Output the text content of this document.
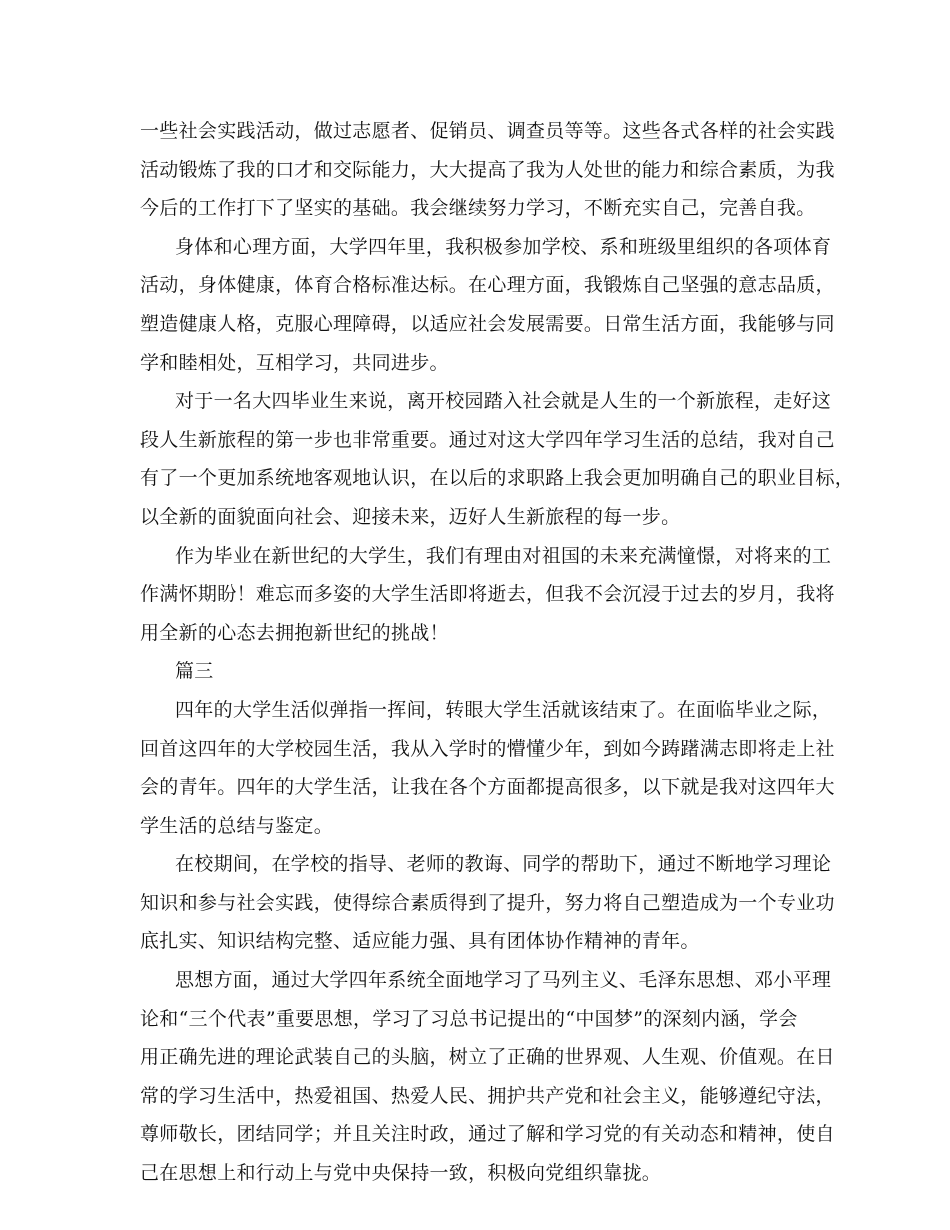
一些社会实践活动，做过志愿者、促销员、调查员等等。这些各式各样的社会实践
活动锻炼了我的口才和交际能力，大大提高了我为人处世的能力和综合素质，为我
今后的工作打下了坚实的基础。我会继续努力学习，不断充实自己，完善自我。
身体和心理方面，大学四年里，我积极参加学校、系和班级里组织的各项体育
活动，身体健康，体育合格标准达标。在心理方面，我锻炼自己坚强的意志品质，
塑造健康人格，克服心理障碍，以适应社会发展需要。日常生活方面，我能够与同
学和睦相处，互相学习，共同进步。
对于一名大四毕业生来说，离开校园踏入社会就是人生的一个新旅程，走好这
段人生新旅程的第一步也非常重要。通过对这大学四年学习生活的总结，我对自己
有了一个更加系统地客观地认识，在以后的求职路上我会更加明确自己的职业目标，
以全新的面貌面向社会、迎接未来，迈好人生新旅程的每一步。
作为毕业在新世纪的大学生，我们有理由对祖国的未来充满憧憬，对将来的工
作满怀期盼！难忘而多姿的大学生活即将逝去，但我不会沉浸于过去的岁月，我将
用全新的心态去拥抱新世纪的挑战！
篇三
四年的大学生活似弹指一挥间，转眼大学生活就该结束了。在面临毕业之际，
回首这四年的大学校园生活，我从入学时的懵懂少年，到如今踌躇满志即将走上社
会的青年。四年的大学生活，让我在各个方面都提高很多，以下就是我对这四年大
学生活的总结与鉴定。
在校期间，在学校的指导、老师的教诲、同学的帮助下，通过不断地学习理论
知识和参与社会实践，使得综合素质得到了提升，努力将自己塑造成为一个专业功
底扎实、知识结构完整、适应能力强、具有团体协作精神的青年。
思想方面，通过大学四年系统全面地学习了马列主义、毛泽东思想、邓小平理
论和“三个代表”重要思想，学习了习总书记提出的“中国梦”的深刻内涵，学会
用正确先进的理论武装自己的头脑，树立了正确的世界观、人生观、价值观。在日
常的学习生活中，热爱祖国、热爱人民、拥护共产党和社会主义，能够遵纪守法，
尊师敬长，团结同学；并且关注时政，通过了解和学习党的有关动态和精神，使自
己在思想上和行动上与党中央保持一致，积极向党组织靠拢。
